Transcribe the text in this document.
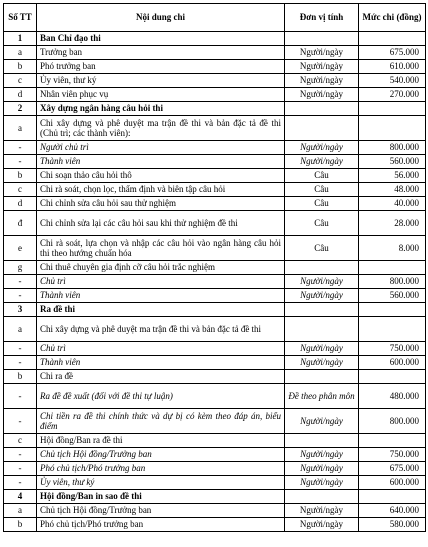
Số TT	Nội dung chi	Đơn vị tính	Mức chi (đồng)
1	Ban Chỉ đạo thi		
a	Trưởng ban	Người/ngày	675.000
b	Phó trưởng ban	Người/ngày	610.000
c	Ủy viên, thư ký	Người/ngày	540.000
d	Nhân viên phục vụ	Người/ngày	270.000
2	Xây dựng ngân hàng câu hỏi thi		
a	Chi xây dựng và phê duyệt ma trận đề thi và bản đặc tả đề thi (Chủ trì; các thành viên):		
-	Người chủ trì	Người/ngày	800.000
-	Thành viên	Người/ngày	560.000
b	Chi soạn thảo câu hỏi thô	Câu	56.000
c	Chi rà soát, chọn lọc, thẩm định và biên tập câu hỏi	Câu	48.000
d	Chi chỉnh sửa câu hỏi sau thử nghiệm	Câu	40.000
đ	Chi chỉnh sửa lại các câu hỏi sau khi thử nghiệm đề thi	Câu	28.000
e	Chi rà soát, lựa chọn và nhập các câu hỏi vào ngân hàng câu hỏi thi theo hướng chuẩn hóa	Câu	8.000
g	Chi thuê chuyên gia định cỡ câu hỏi trắc nghiệm		
-	Chủ trì	Người/ngày	800.000
-	Thành viên	Người/ngày	560.000
3	Ra đề thi		
a	Chi xây dựng và phê duyệt ma trận đề thi và bản đặc tả đề thi		
-	Chủ trì	Người/ngày	750.000
-	Thành viên	Người/ngày	600.000
b	Chi ra đề		
-	Ra đề đề xuất (đối với đề thi tự luận)	Đề theo phân môn	480.000
-	Chi tiền ra đề thi chính thức và dự bị có kèm theo đáp án, biểu điểm	Người/ngày	800.000
c	Hội đồng/Ban ra đề thi		
-	Chủ tịch Hội đồng/Trưởng ban	Người/ngày	750.000
-	Phó chủ tịch/Phó trưởng ban	Người/ngày	675.000
-	Ủy viên, thư ký	Người/ngày	600.000
4	Hội đồng/Ban in sao đề thi		
a	Chủ tịch Hội đồng/Trưởng ban	Người/ngày	640.000
b	Phó chủ tịch/Phó trưởng ban	Người/ngày	580.000
